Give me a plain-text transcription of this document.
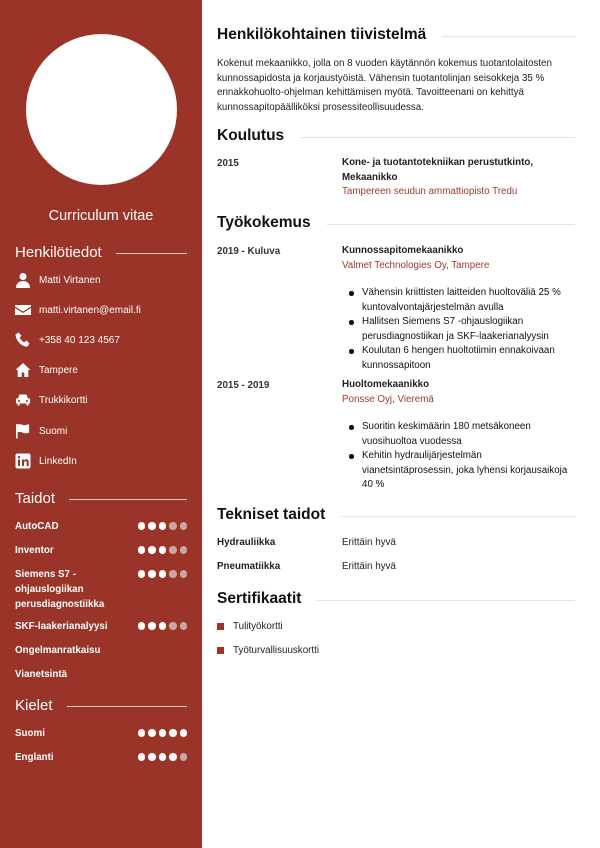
Curriculum vitae
Henkilötiedot
Matti Virtanen
matti.virtanen@email.fi
+358 40 123 4567
Tampere
Trukkikortti
Suomi
LinkedIn
Taidot
AutoCAD
Inventor
Siemens S7 -ohjauslogiikan perusdiagnostiikka
SKF-laakerianalyysi
Ongelmanratkaisu
Vianetsintä
Kielet
Suomi
Englanti
Henkilökohtainen tiivistelmä
Kokenut mekaanikko, jolla on 8 vuoden käytännön kokemus tuotantolaitosten kunnossapidosta ja korjaustyöistä. Vähensin tuotantolinjan seisokkeja 35 % ennakkohuolto-ohjelman kehittämisen myötä. Tavoitteenani on kehittyä kunnossapitopäälliköksi prosessiteollisuudessa.
Koulutus
2015	Kone- ja tuotantotekniikan perustutkinto, Mekaanikko
Tampereen seudun ammattiopisto Tredu
Työkokemus
2019 - Kuluva	Kunnossapitomekaanikko
Valmet Technologies Oy, Tampere
Vähensin kriittisten laitteiden huoltoväliä 25 % kuntovalvontajärjestelmän avulla
Hallitsen Siemens S7 -ohjauslogiikan perusdiagnostiikan ja SKF-laakerianalyysin
Koulutan 6 hengen huoltotiimin ennakoivaan kunnossapitoon
2015 - 2019	Huoltomekaanikko
Ponsse Oyj, Vieremä
Suoritin keskimäärin 180 metsäkoneen vuosihuoltoa vuodessa
Kehitin hydraulijärjestelmän vianetsintäprosessin, joka lyhensi korjausaikoja 40 %
Tekniset taidot
Hydrauliikka	Erittäin hyvä
Pneumatiikka	Erittäin hyvä
Sertifikaatit
Tulityökortti
Työturvallisuuskortti
